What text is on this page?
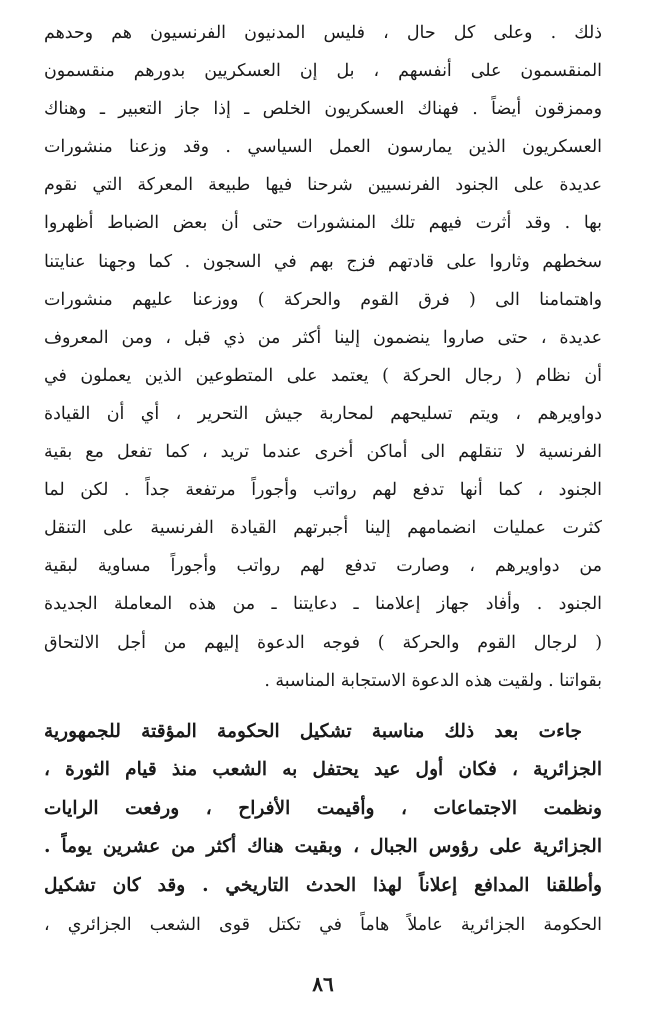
ذلك . وعلى كل حال ، فليس المدنيون الفرنسيون هم وحدهم
المنقسمون على أنفسهم ، بل إن العسكريين بدورهم منقسمون
وممزقون أيضاً . فهناك العسكريون الخلص ـ إذا جاز التعبير ـ وهناك
العسكريون الذين يمارسون العمل السياسي . وقد وزعنا منشورات
عديدة على الجنود الفرنسيين شرحنا فيها طبيعة المعركة التي نقوم
بها . وقد أثرت فيهم تلك المنشورات حتى أن بعض الضباط أظهروا
سخطهم وثاروا على قادتهم فزج بهم في السجون . كما وجهنا عنايتنا
واهتمامنا الى ( فرق القوم والحركة ) ووزعنا عليهم منشورات
عديدة ، حتى صاروا ينضمون إلينا أكثر من ذي قبل ، ومن المعروف
أن نظام ( رجال الحركة ) يعتمد على المتطوعين الذين يعملون في
دواويرهم ، ويتم تسليحهم لمحاربة جيش التحرير ، أي أن القيادة
الفرنسية لا تنقلهم الى أماكن أخرى عندما تريد ، كما تفعل مع بقية
الجنود ، كما أنها تدفع لهم رواتب وأجوراً مرتفعة جداً . لكن لما
كثرت عمليات انضمامهم إلينا أجبرتهم القيادة الفرنسية على التنقل
من دواويرهم ، وصارت تدفع لهم رواتب وأجوراً مساوية لبقية
الجنود . وأفاد جهاز إعلامنا ـ دعايتنا ـ من هذه المعاملة الجديدة
( لرجال القوم والحركة ) فوجه الدعوة إليهم من أجل الالتحاق
بقواتنا . ولقيت هذه الدعوة الاستجابة المناسبة .
جاءت بعد ذلك مناسبة تشكيل الحكومة المؤقتة للجمهورية
الجزائرية ، فكان أول عيد يحتفل به الشعب منذ قيام الثورة ،
ونظمت الاجتماعات ، وأقيمت الأفراح ، ورفعت الرايات
الجزائرية على رؤوس الجبال ، وبقيت هناك أكثر من عشرين يوماً .
وأطلقنا المدافع إعلاناً لهذا الحدث التاريخي . وقد كان تشكيل
الحكومة الجزائرية عاملاً هاماً في تكتل قوى الشعب الجزائري ،
٨٦
